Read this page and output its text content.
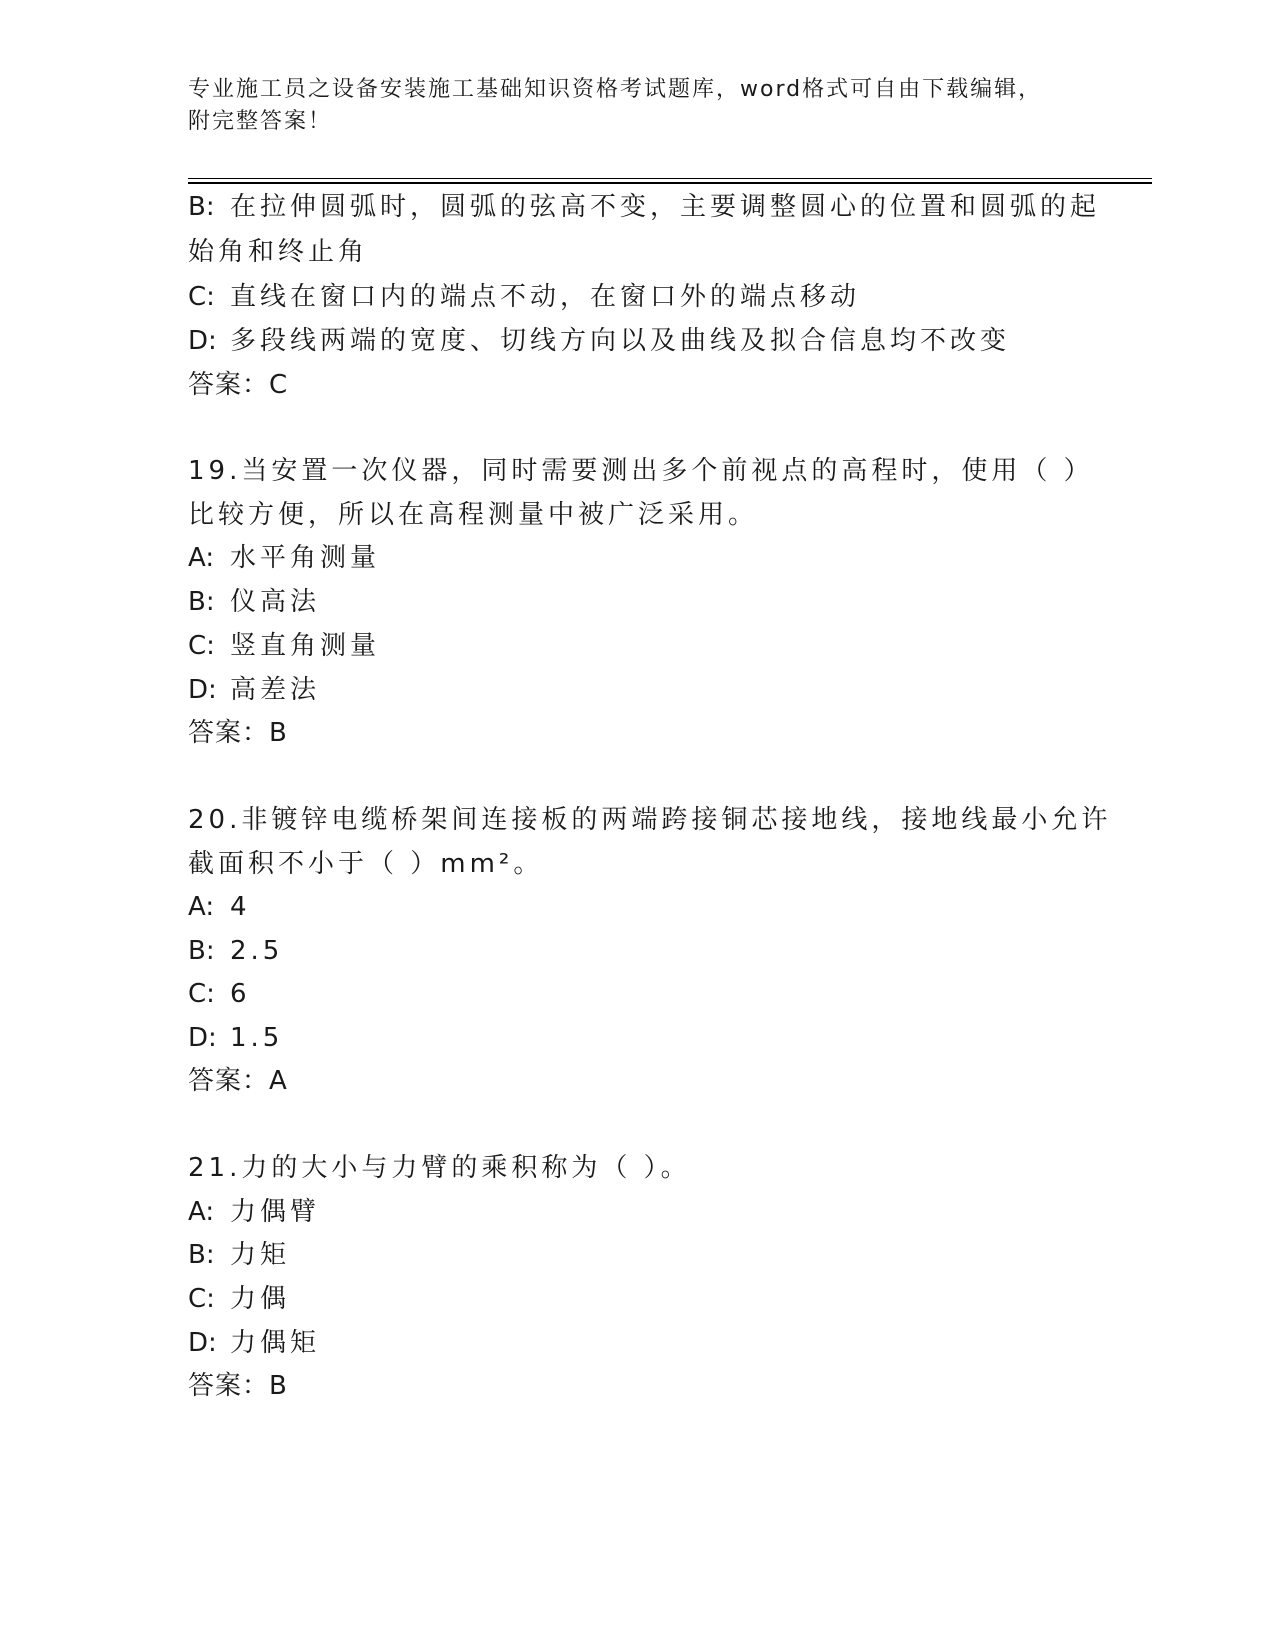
专业施工员之设备安装施工基础知识资格考试题库，word格式可自由下载编辑，
附完整答案！
B: 在拉伸圆弧时，圆弧的弦高不变，主要调整圆心的位置和圆弧的起
始角和终止角
C: 直线在窗口内的端点不动，在窗口外的端点移动
D: 多段线两端的宽度、切线方向以及曲线及拟合信息均不改变
答案：C
19.当安置一次仪器，同时需要测出多个前视点的高程时，使用（ ）
比较方便，所以在高程测量中被广泛采用。
A: 水平角测量
B: 仪高法
C: 竖直角测量
D: 高差法
答案：B
20.非镀锌电缆桥架间连接板的两端跨接铜芯接地线，接地线最小允许
截面积不小于（ ）mm²。
A: 4
B: 2.5
C: 6
D: 1.5
答案：A
21.力的大小与力臂的乘积称为（ ）。
A: 力偶臂
B: 力矩
C: 力偶
D: 力偶矩
答案：B
